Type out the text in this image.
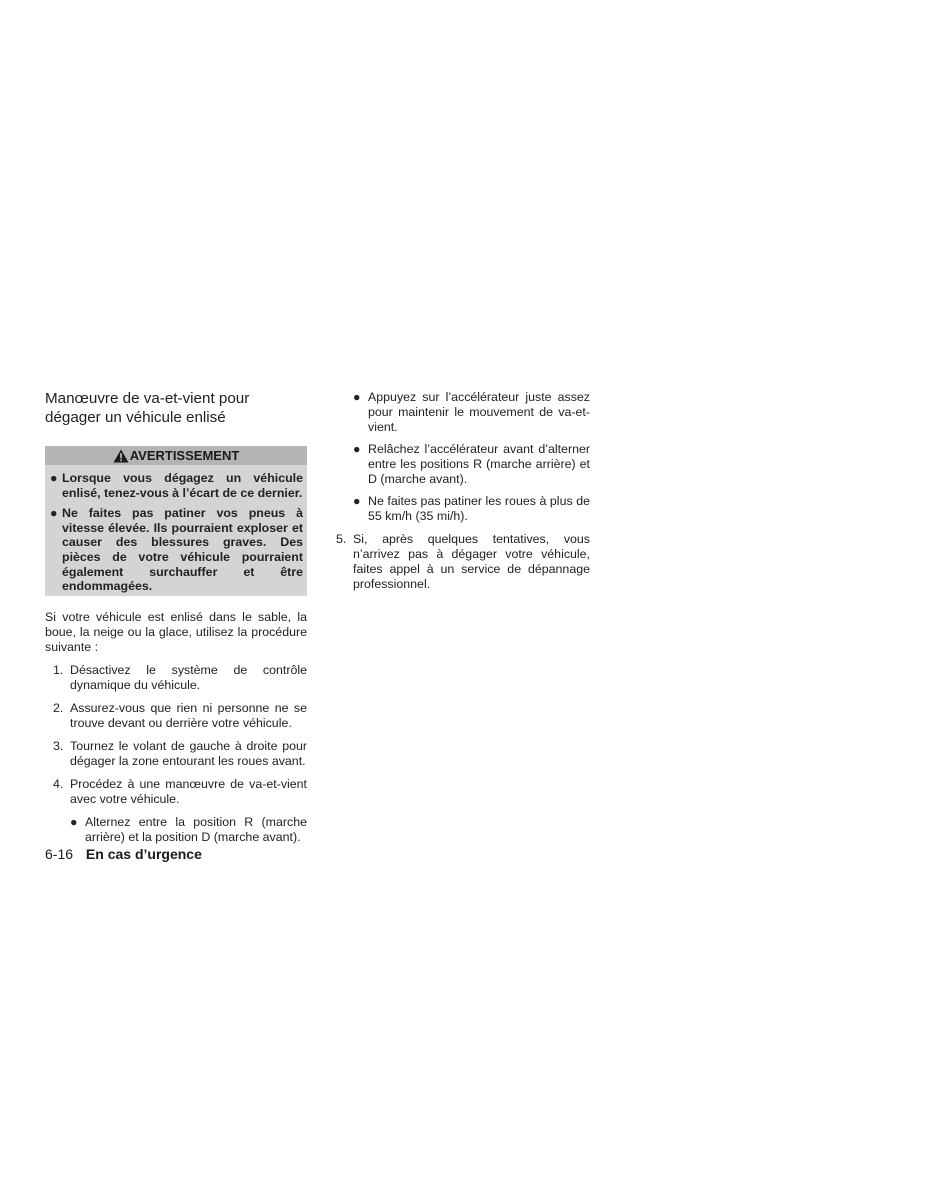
Manœuvre de va-et-vient pour dégager un véhicule enlisé
AVERTISSEMENT
● Lorsque vous dégagez un véhicule enlisé, tenez-vous à l’écart de ce dernier.
● Ne faites pas patiner vos pneus à vitesse élevée. Ils pourraient exploser et causer des blessures graves. Des pièces de votre véhicule pourraient également surchauffer et être endommagées.
Si votre véhicule est enlisé dans le sable, la boue, la neige ou la glace, utilisez la procédure suivante :
1. Désactivez le système de contrôle dynamique du véhicule.
2. Assurez-vous que rien ni personne ne se trouve devant ou derrière votre véhicule.
3. Tournez le volant de gauche à droite pour dégager la zone entourant les roues avant.
4. Procédez à une manœuvre de va-et-vient avec votre véhicule.
● Alternez entre la position R (marche arrière) et la position D (marche avant).
● Appuyez sur l’accélérateur juste assez pour maintenir le mouvement de va-et-vient.
● Relâchez l’accélérateur avant d’alterner entre les positions R (marche arrière) et D (marche avant).
● Ne faites pas patiner les roues à plus de 55 km/h (35 mi/h).
5. Si, après quelques tentatives, vous n’arrivez pas à dégager votre véhicule, faites appel à un service de dépannage professionnel.
6-16 En cas d’urgence
